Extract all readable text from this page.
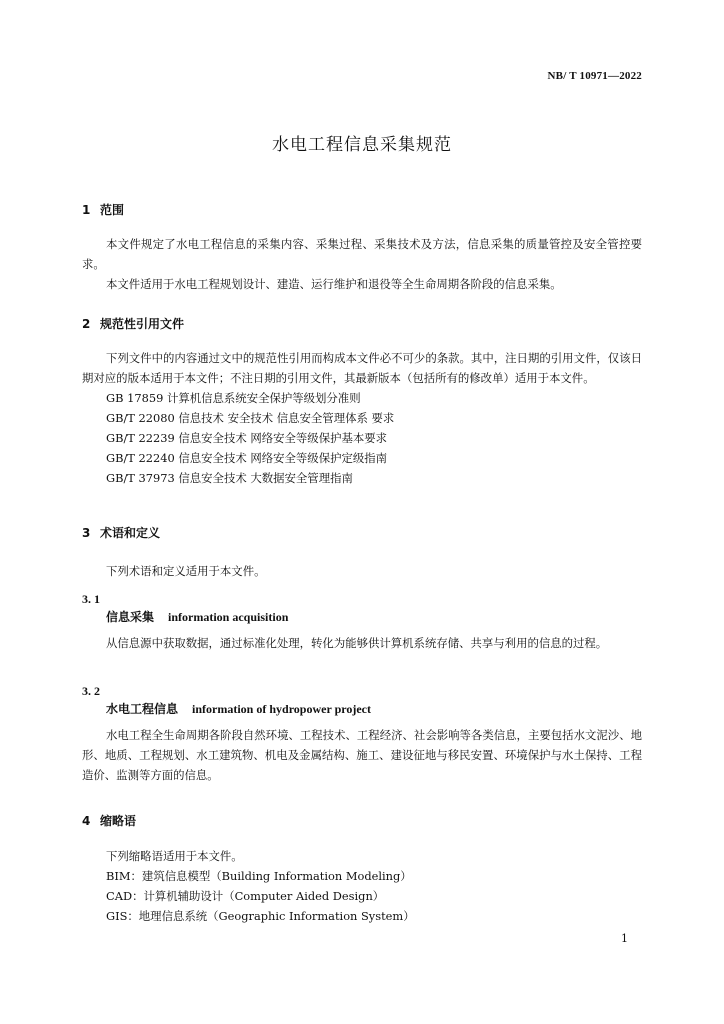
NB/ T 10971—2022
水电工程信息采集规范
1 范围

本文件规定了水电工程信息的采集内容、采集过程、采集技术及方法，信息采集的质量管控及安全管控要求。

本文件适用于水电工程规划设计、建造、运行维护和退役等全生命周期各阶段的信息采集。

2 规范性引用文件

下列文件中的内容通过文中的规范性引用而构成本文件必不可少的条款。其中，注日期的引用文件，仅该日期对应的版本适用于本文件；不注日期的引用文件，其最新版本（包括所有的修改单）适用于本文件。

GB 17859 计算机信息系统安全保护等级划分准则

GB/T 22080 信息技术 安全技术 信息安全管理体系 要求

GB/T 22239 信息安全技术 网络安全等级保护基本要求

GB/T 22240 信息安全技术 网络安全等级保护定级指南

GB/T 37973 信息安全技术 大数据安全管理指南

3 术语和定义

下列术语和定义适用于本文件。

3. 1
信息采集 information acquisition

从信息源中获取数据，通过标准化处理，转化为能够供计算机系统存储、共享与利用的信息的过程。

3. 2
水电工程信息 information of hydropower project

水电工程全生命周期各阶段自然环境、工程技术、工程经济、社会影响等各类信息，主要包括水文泥沙、地形、地质、工程规划、水工建筑物、机电及金属结构、施工、建设征地与移民安置、环境保护与水土保持、工程造价、监测等方面的信息。

4 缩略语

下列缩略语适用于本文件。

BIM：建筑信息模型（Building Information Modeling）

CAD：计算机辅助设计（Computer Aided Design）

GIS：地理信息系统（Geographic Information System）

1
